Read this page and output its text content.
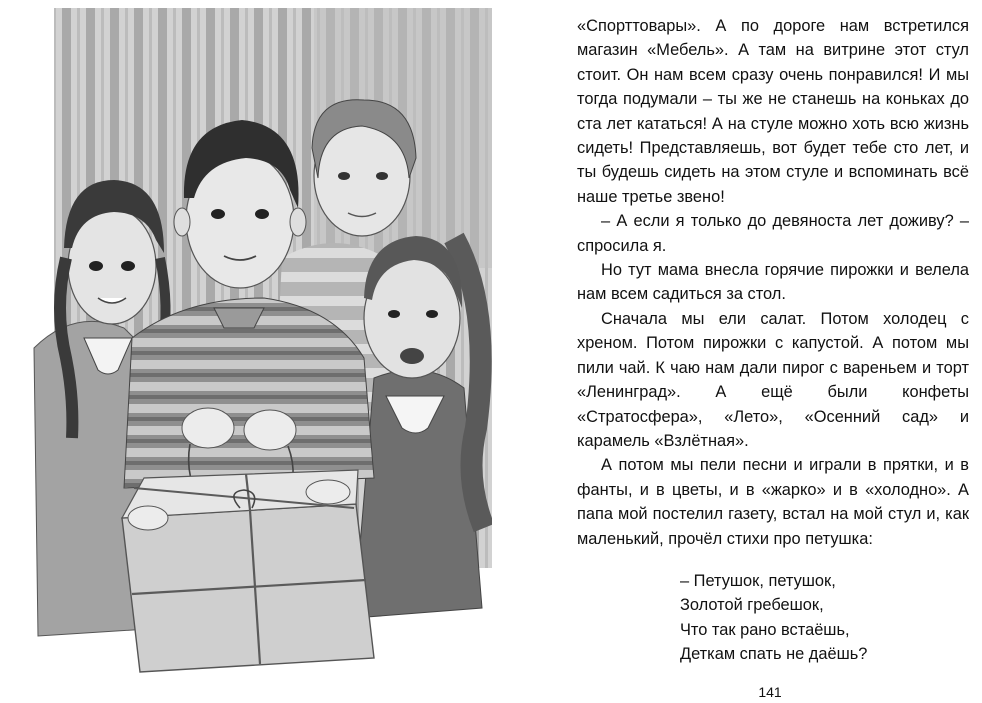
«Спорттовары». А по дороге нам встретился магазин «Мебель». А там на витрине этот стул стоит. Он нам всем сразу очень понравился! И мы тогда подумали – ты же не станешь на коньках до ста лет кататься! А на стуле можно хоть всю жизнь сидеть! Представляешь, вот будет тебе сто лет, и ты будешь сидеть на этом стуле и вспоминать всё наше третье звено!

– А если я только до девяноста лет доживу? – спросила я.

Но тут мама внесла горячие пирожки и велела нам всем садиться за стол.

Сначала мы ели салат. Потом холодец с хреном. Потом пирожки с капустой. А потом мы пили чай. К чаю нам дали пирог с вареньем и торт «Ленинград». А ещё были конфеты «Стратосфера», «Лето», «Осенний сад» и карамель «Взлётная».

А потом мы пели песни и играли в прятки, и в фанты, и в цветы, и в «жарко» и в «холодно». А папа мой постелил газету, встал на мой стул и, как маленький, прочёл стихи про петушка:

– Петушок, петушок,
Золотой гребешок,
Что так рано встаёшь,
Деткам спать не даёшь?
141
